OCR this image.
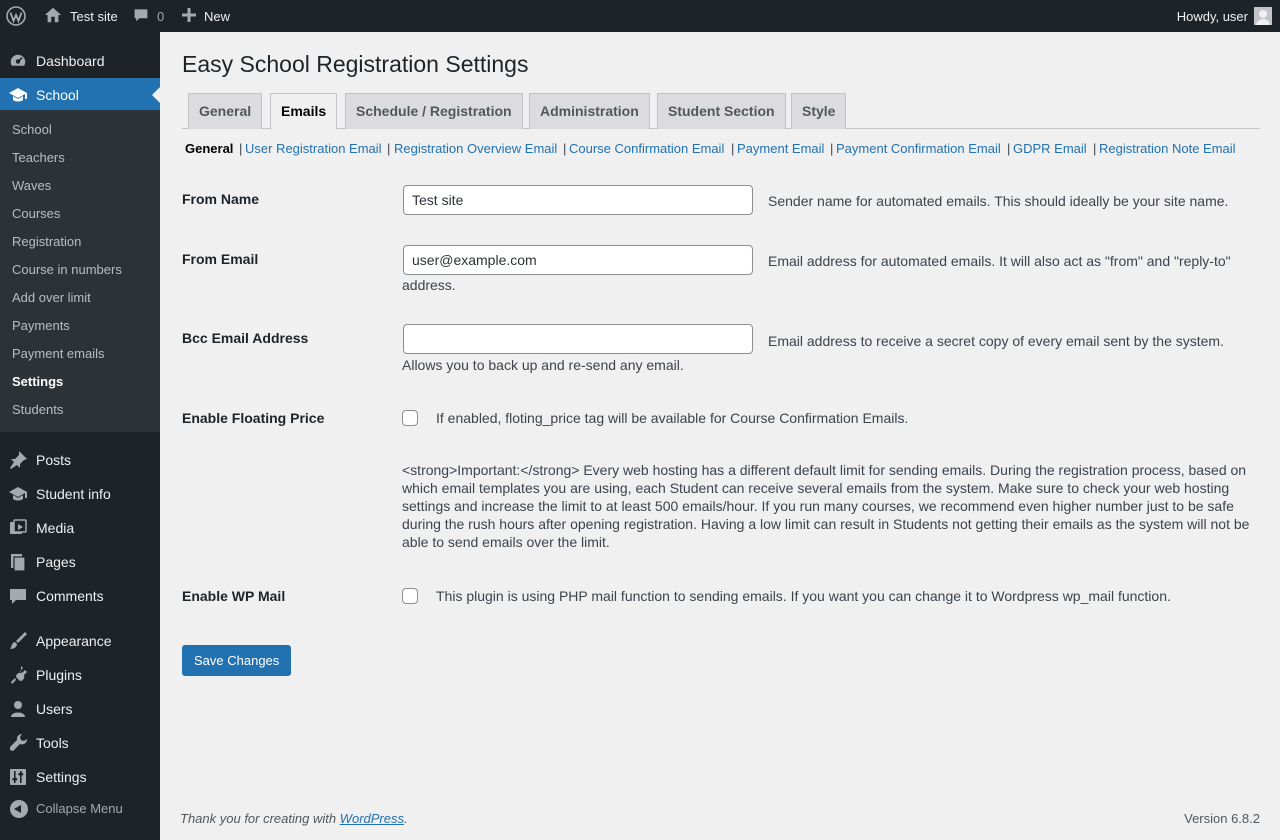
Test site	0	New	Howdy, user
Dashboard
School
School
Teachers
Waves
Courses
Registration
Course in numbers
Add over limit
Payments
Payment emails
Settings
Students
Posts
Student info
Media
Pages
Comments
Appearance
Plugins
Users
Tools
Settings
Collapse Menu
Easy School Registration Settings
General	Emails	Schedule / Registration	Administration	Student Section	Style
General | User Registration Email | Registration Overview Email | Course Confirmation Email | Payment Email | Payment Confirmation Email | GDPR Email | Registration Note Email
From Name
Test site	Sender name for automated emails. This should ideally be your site name.
From Email
user@example.com	Email address for automated emails. It will also act as "from" and "reply-to"
address.
Bcc Email Address	Email address to receive a secret copy of every email sent by the system.
Allows you to back up and re-send any email.
Enable Floating Price	If enabled, floting_price tag will be available for Course Confirmation Emails.
<strong>Important:</strong> Every web hosting has a different default limit for sending emails. During the registration process, based on which email templates you are using, each Student can receive several emails from the system. Make sure to check your web hosting settings and increase the limit to at least 500 emails/hour. If you run many courses, we recommend even higher number just to be safe during the rush hours after opening registration. Having a low limit can result in Students not getting their emails as the system will not be able to send emails over the limit.
Enable WP Mail	This plugin is using PHP mail function to sending emails. If you want you can change it to Wordpress wp_mail function.
Save Changes
Thank you for creating with WordPress.	Version 6.8.2
